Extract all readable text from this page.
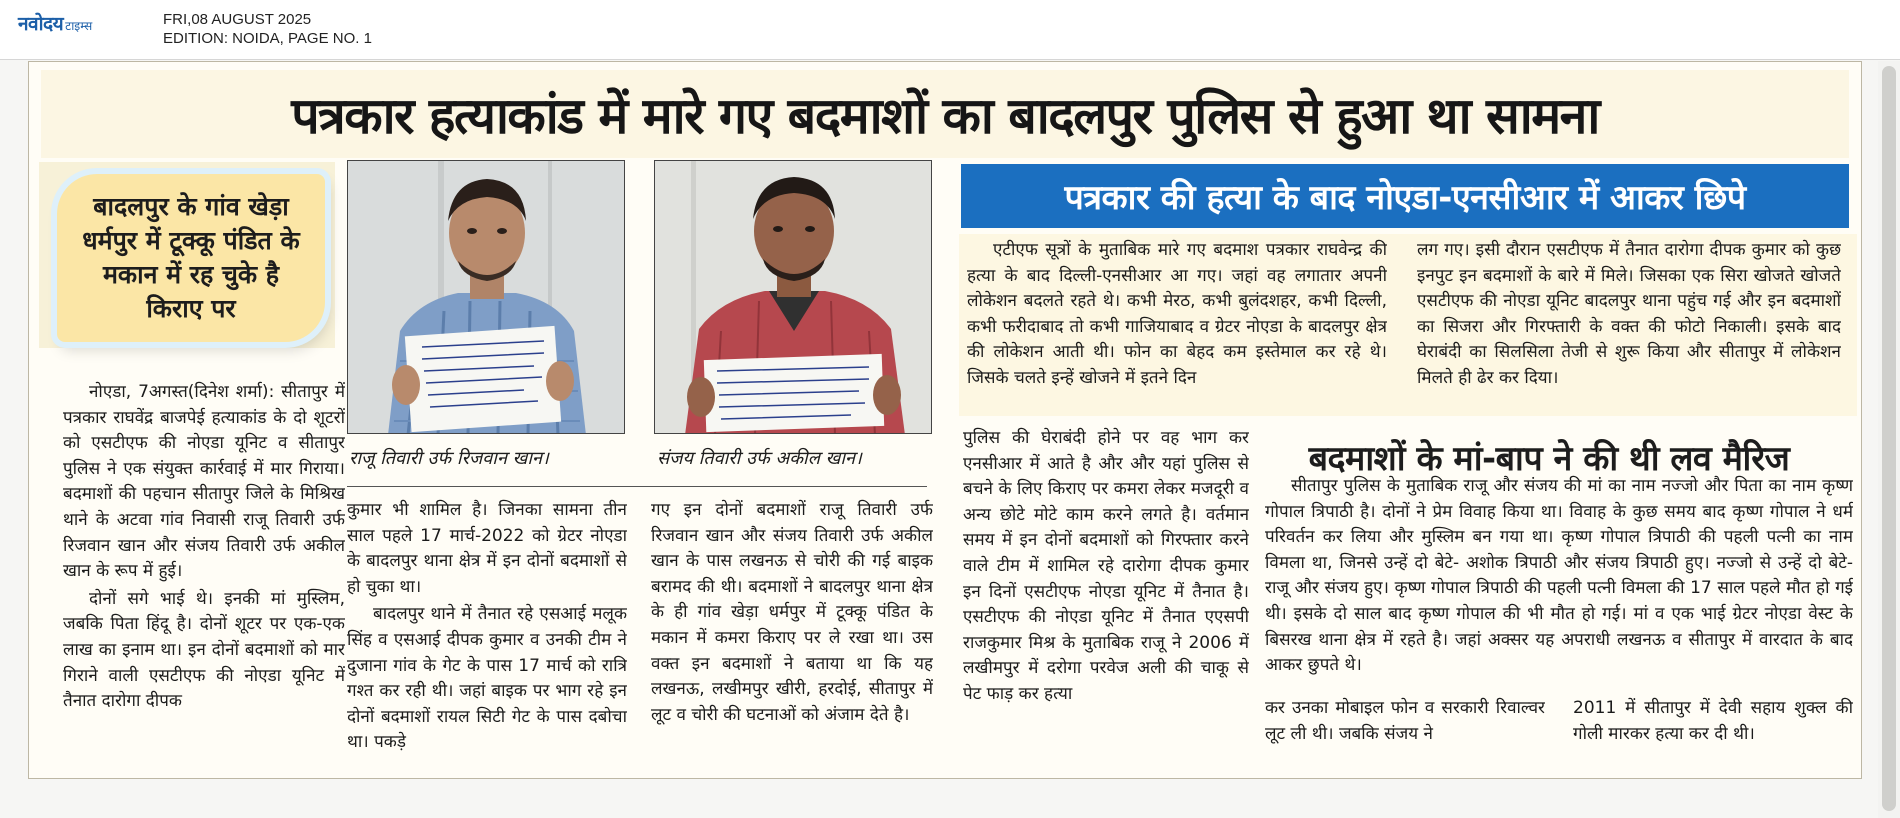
नवोदय टाइम्स	FRI,08 AUGUST 2025
EDITION: NOIDA, PAGE NO. 1
पत्रकार हत्याकांड में मारे गए बदमाशों का बादलपुर पुलिस से हुआ था सामना
बादलपुर के गांव खेड़ा धर्मपुर में टूक्कू पंडित के मकान में रह चुके है किराए पर
राजू तिवारी उर्फ रिजवान खान।	संजय तिवारी उर्फ अकील खान।
पत्रकार की हत्या के बाद नोएडा-एनसीआर में आकर छिपे

नोएडा, 7अगस्त(दिनेश शर्मा): सीतापुर में पत्रकार राघवेंद्र बाजपेई हत्याकांड के दो शूटरों को एसटीएफ की नोएडा यूनिट व सीतापुर पुलिस ने एक संयुक्त कार्रवाई में मार गिराया। बदमाशों की पहचान सीतापुर जिले के मिश्रिख थाने के अटवा गांव निवासी राजू तिवारी उर्फ रिजवान खान और संजय तिवारी उर्फ अकील खान के रूप में हुई।

दोनों सगे भाई थे। इनकी मां मुस्लिम, जबकि पिता हिंदू है। दोनों शूटर पर एक-एक लाख का इनाम था। इन दोनों बदमाशों को मार गिराने वाली एसटीएफ की नोएडा यूनिट में तैनात दारोगा दीपक

कुमार भी शामिल है। जिनका सामना तीन साल पहले 17 मार्च-2022 को ग्रेटर नोएडा के बादलपुर थाना क्षेत्र में इन दोनों बदमाशों से हो चुका था।

बादलपुर थाने में तैनात रहे एसआई मलूक सिंह व एसआई दीपक कुमार व उनकी टीम ने दुजाना गांव के गेट के पास 17 मार्च को रात्रि गश्त कर रही थी। जहां बाइक पर भाग रहे इन दोनों बदमाशों रायल सिटी गेट के पास दबोचा था। पकड़े

गए इन दोनों बदमाशों राजू तिवारी उर्फ रिजवान खान और संजय तिवारी उर्फ अकील खान के पास लखनऊ से चोरी की गई बाइक बरामद की थी। बदमाशों ने बादलपुर थाना क्षेत्र के ही गांव खेड़ा धर्मपुर में टूक्कू पंडित के मकान में कमरा किराए पर ले रखा था। उस वक्त इन बदमाशों ने बताया था कि यह लखनऊ, लखीमपुर खीरी, हरदोई, सीतापुर में लूट व चोरी की घटनाओं को अंजाम देते है।

एटीएफ सूत्रों के मुताबिक मारे गए बदमाश पत्रकार राघवेन्द्र की हत्या के बाद दिल्ली-एनसीआर आ गए। जहां वह लगातार अपनी लोकेशन बदलते रहते थे। कभी मेरठ, कभी बुलंदशहर, कभी दिल्ली, कभी फरीदाबाद तो कभी गाजियाबाद व ग्रेटर नोएडा के बादलपुर क्षेत्र की लोकेशन आती थी। फोन का बेहद कम इस्तेमाल कर रहे थे। जिसके चलते इन्हें खोजने में इतने दिन

लग गए। इसी दौरान एसटीएफ में तैनात दारोगा दीपक कुमार को कुछ इनपुट इन बदमाशों के बारे में मिले। जिसका एक सिरा खोजते खोजते एसटीएफ की नोएडा यूनिट बादलपुर थाना पहुंच गई और इन बदमाशों का सिजरा और गिरफ्तारी के वक्त की फोटो निकाली। इसके बाद घेराबंदी का सिलसिला तेजी से शुरू किया और सीतापुर में लोकेशन मिलते ही ढेर कर दिया।

पुलिस की घेराबंदी होने पर वह भाग कर एनसीआर में आते है और और यहां पुलिस से बचने के लिए किराए पर कमरा लेकर मजदूरी व अन्य छोटे मोटे काम करने लगते है। वर्तमान समय में इन दोनों बदमाशों को गिरफ्तार करने वाले टीम में शामिल रहे दारोगा दीपक कुमार इन दिनों एसटीएफ नोएडा यूनिट में तैनात है। एसटीएफ की नोएडा यूनिट में तैनात एएसपी राजकुमार मिश्र के मुताबिक राजू ने 2006 में लखीमपुर में दरोगा परवेज अली की चाकू से पेट फाड़ कर हत्या

बदमाशों के मां-बाप ने की थी लव मैरिज

सीतापुर पुलिस के मुताबिक राजू और संजय की मां का नाम नज्जो और पिता का नाम कृष्ण गोपाल त्रिपाठी है। दोनों ने प्रेम विवाह किया था। विवाह के कुछ समय बाद कृष्ण गोपाल ने धर्म परिवर्तन कर लिया और मुस्लिम बन गया था। कृष्ण गोपाल त्रिपाठी की पहली पत्नी का नाम विमला था, जिनसे उन्हें दो बेटे- अशोक त्रिपाठी और संजय त्रिपाठी हुए। नज्जो से उन्हें दो बेटे- राजू और संजय हुए। कृष्ण गोपाल त्रिपाठी की पहली पत्नी विमला की 17 साल पहले मौत हो गई थी। इसके दो साल बाद कृष्ण गोपाल की भी मौत हो गई। मां व एक भाई ग्रेटर नोएडा वेस्ट के बिसरख थाना क्षेत्र में रहते है। जहां अक्सर यह अपराधी लखनऊ व सीतापुर में वारदात के बाद आकर छुपते थे।

कर उनका मोबाइल फोन व सरकारी रिवाल्वर लूट ली थी। जबकि संजय ने

2011 में सीतापुर में देवी सहाय शुक्ल की गोली मारकर हत्या कर दी थी।
